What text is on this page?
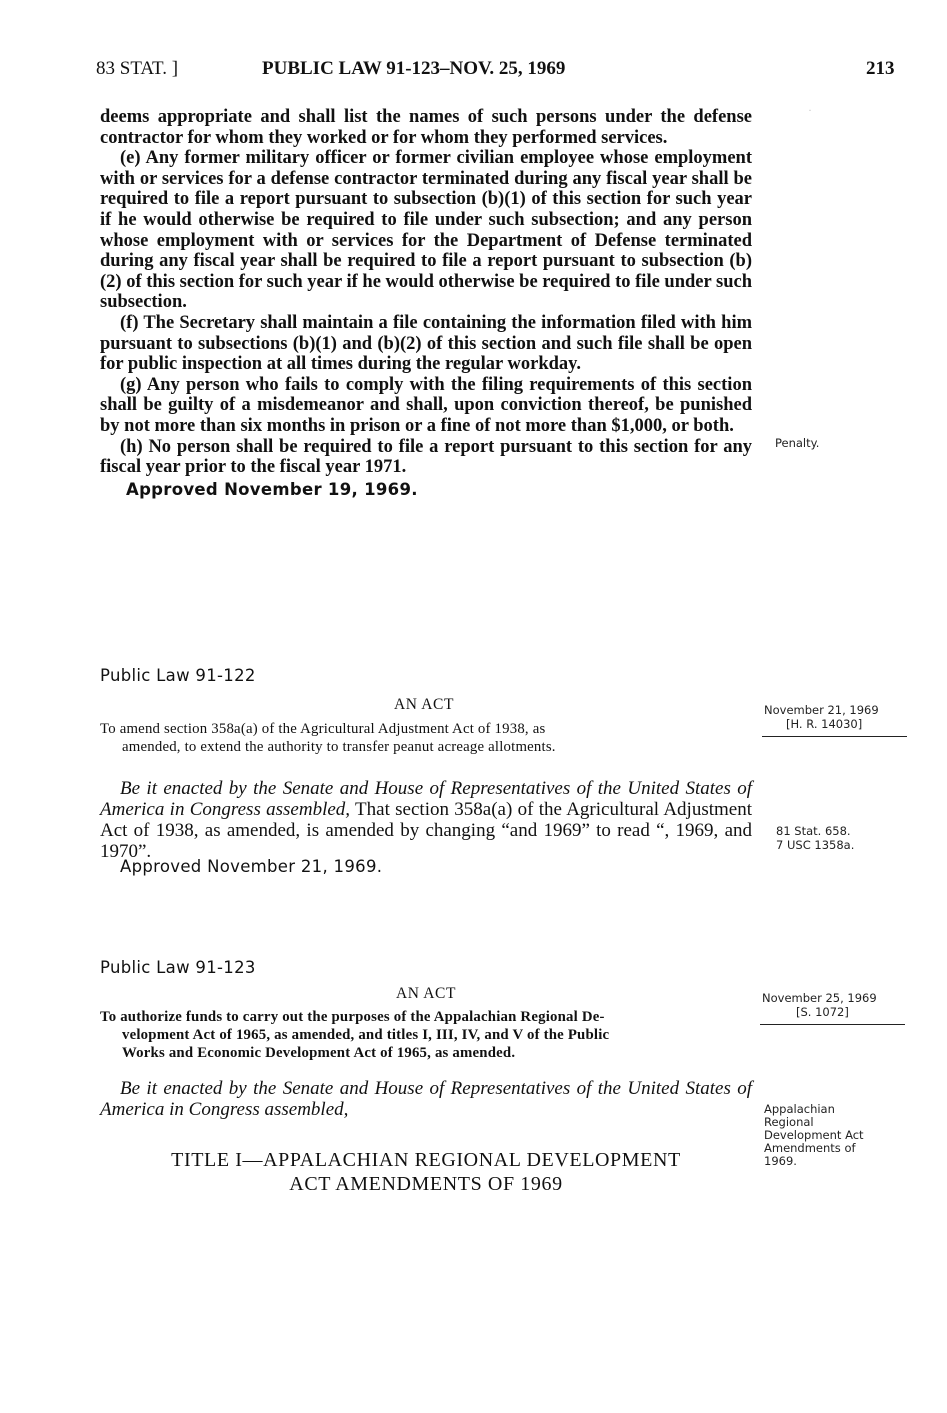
83 STAT. ]	PUBLIC LAW 91-123–NOV. 25, 1969	213
·

deems appropriate and shall list the names of such persons under the defense contractor for whom they worked or for whom they performed services.

(e) Any former military officer or former civilian employee whose employment with or services for a defense contractor terminated during any fiscal year shall be required to file a report pursuant to subsection (b)(1) of this section for such year if he would otherwise be required to file under such subsection; and any person whose employment with or services for the Department of Defense terminated during any fiscal year shall be required to file a report pursuant to subsection (b)(2) of this section for such year if he would otherwise be required to file under such subsection.

(f) The Secretary shall maintain a file containing the information filed with him pursuant to subsections (b)(1) and (b)(2) of this section and such file shall be open for public inspection at all times during the regular workday.

(g) Any person who fails to comply with the filing requirements of this section shall be guilty of a misdemeanor and shall, upon conviction thereof, be punished by not more than six months in prison or a fine of not more than $1,000, or both.

(h) No person shall be required to file a report pursuant to this section for any fiscal year prior to the fiscal year 1971.

Approved November 19, 1969.

Penalty.
Public Law 91-122
AN ACT
To amend section 358a(a) of the Agricultural Adjustment Act of 1938, as
amended, to extend the authority to transfer peanut acreage allotments.
November 21, 1969
[H. R. 14030]
Be it enacted by the Senate and House of Representatives of the United States of America in Congress assembled, That section 358a(a) of the Agricultural Adjustment Act of 1938, as amended, is amended by changing “and 1969” to read “, 1969, and 1970”.
Approved November 21, 1969.
81 Stat. 658.
7 USC 1358a.
Public Law 91-123
AN ACT
To authorize funds to carry out the purposes of the Appalachian Regional De-
velopment Act of 1965, as amended, and titles I, III, IV, and V of the Public
Works and Economic Development Act of 1965, as amended.
November 25, 1969
[S. 1072]
Be it enacted by the Senate and House of Representatives of the United States of America in Congress assembled,	Appalachian
Regional
Development Act
Amendments of
1969.
TITLE I—APPALACHIAN REGIONAL DEVELOPMENT
ACT AMENDMENTS OF 1969
